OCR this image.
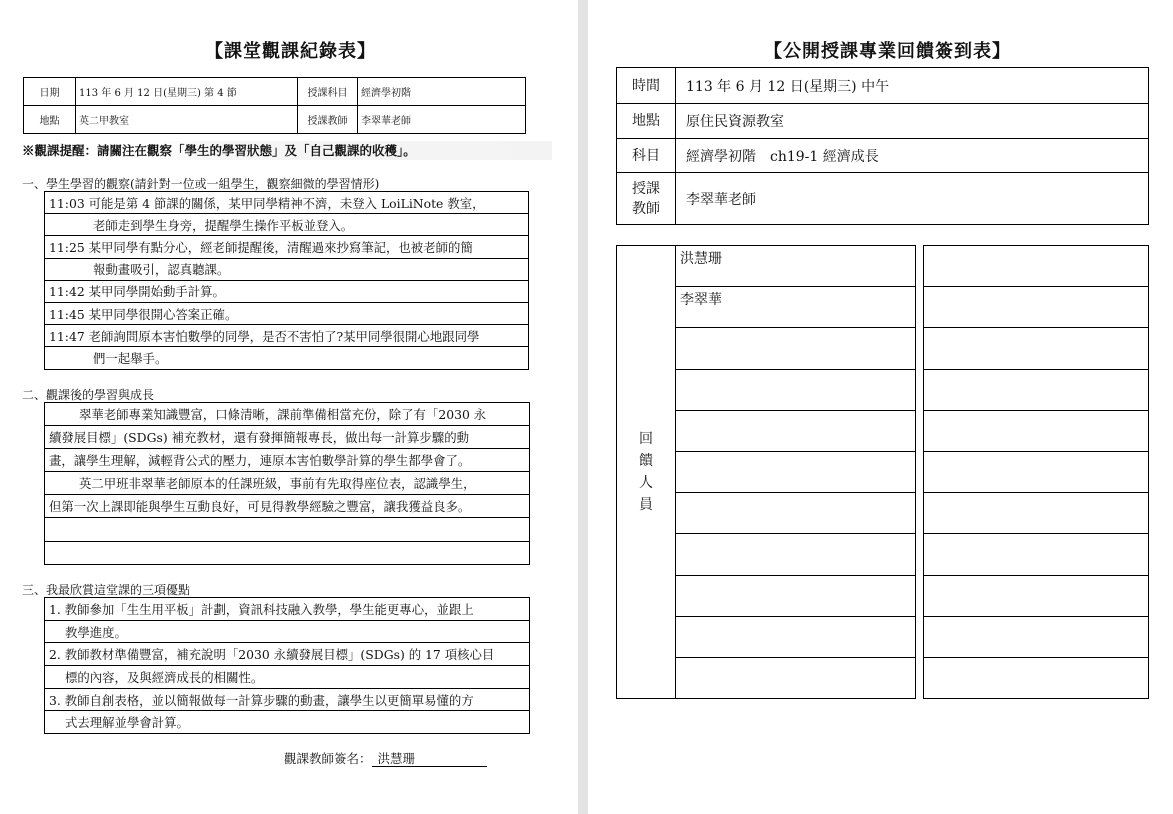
【課堂觀課紀錄表】
日期	113 年 6 月 12 日(星期三) 第 4 節	授課科目	經濟學初階
地點	英二甲教室	授課教師	李翠華老師
※觀課提醒：請關注在觀察「學生的學習狀態」及「自己觀課的收穫」。
一、學生學習的觀察(請針對一位或一組學生，觀察細微的學習情形)
11:03 可能是第 4 節課的關係，某甲同學精神不濟，未登入 LoiLiNote 教室，
老師走到學生身旁，提醒學生操作平板並登入。
11:25 某甲同學有點分心，經老師提醒後，清醒過來抄寫筆記，也被老師的簡
報動畫吸引，認真聽課。
11:42 某甲同學開始動手計算。
11:45 某甲同學很開心答案正確。
11:47 老師詢問原本害怕數學的同學，是否不害怕了?某甲同學很開心地跟同學
們一起舉手。
二、觀課後的學習與成長
翠華老師專業知識豐富，口條清晰，課前準備相當充份，除了有「2030 永
續發展目標」(SDGs) 補充教材，還有發揮簡報專長，做出每一計算步驟的動
畫，讓學生理解，減輕背公式的壓力，連原本害怕數學計算的學生都學會了。
英二甲班非翠華老師原本的任課班級，事前有先取得座位表，認識學生，
但第一次上課即能與學生互動良好，可見得教學經驗之豐富，讓我獲益良多。

三、我最欣賞這堂課的三項優點
1. 教師參加「生生用平板」計劃，資訊科技融入教學，學生能更專心，並跟上
教學進度。
2. 教師教材準備豐富，補充說明「2030 永續發展目標」(SDGs) 的 17 項核心目
標的內容，及與經濟成長的相關性。
3. 教師自創表格，並以簡報做每一計算步驟的動畫，讓學生以更簡單易懂的方
式去理解並學會計算。
觀課教師簽名： 洪慧珊
【公開授課專業回饋簽到表】
時間	113 年 6 月 12 日(星期三) 中午
地點	原住民資源教室
科目	經濟學初階　ch19-1 經濟成長

授課
教師	李翠華老師
回
饋
人
員	洪慧珊		
	李翠華		
